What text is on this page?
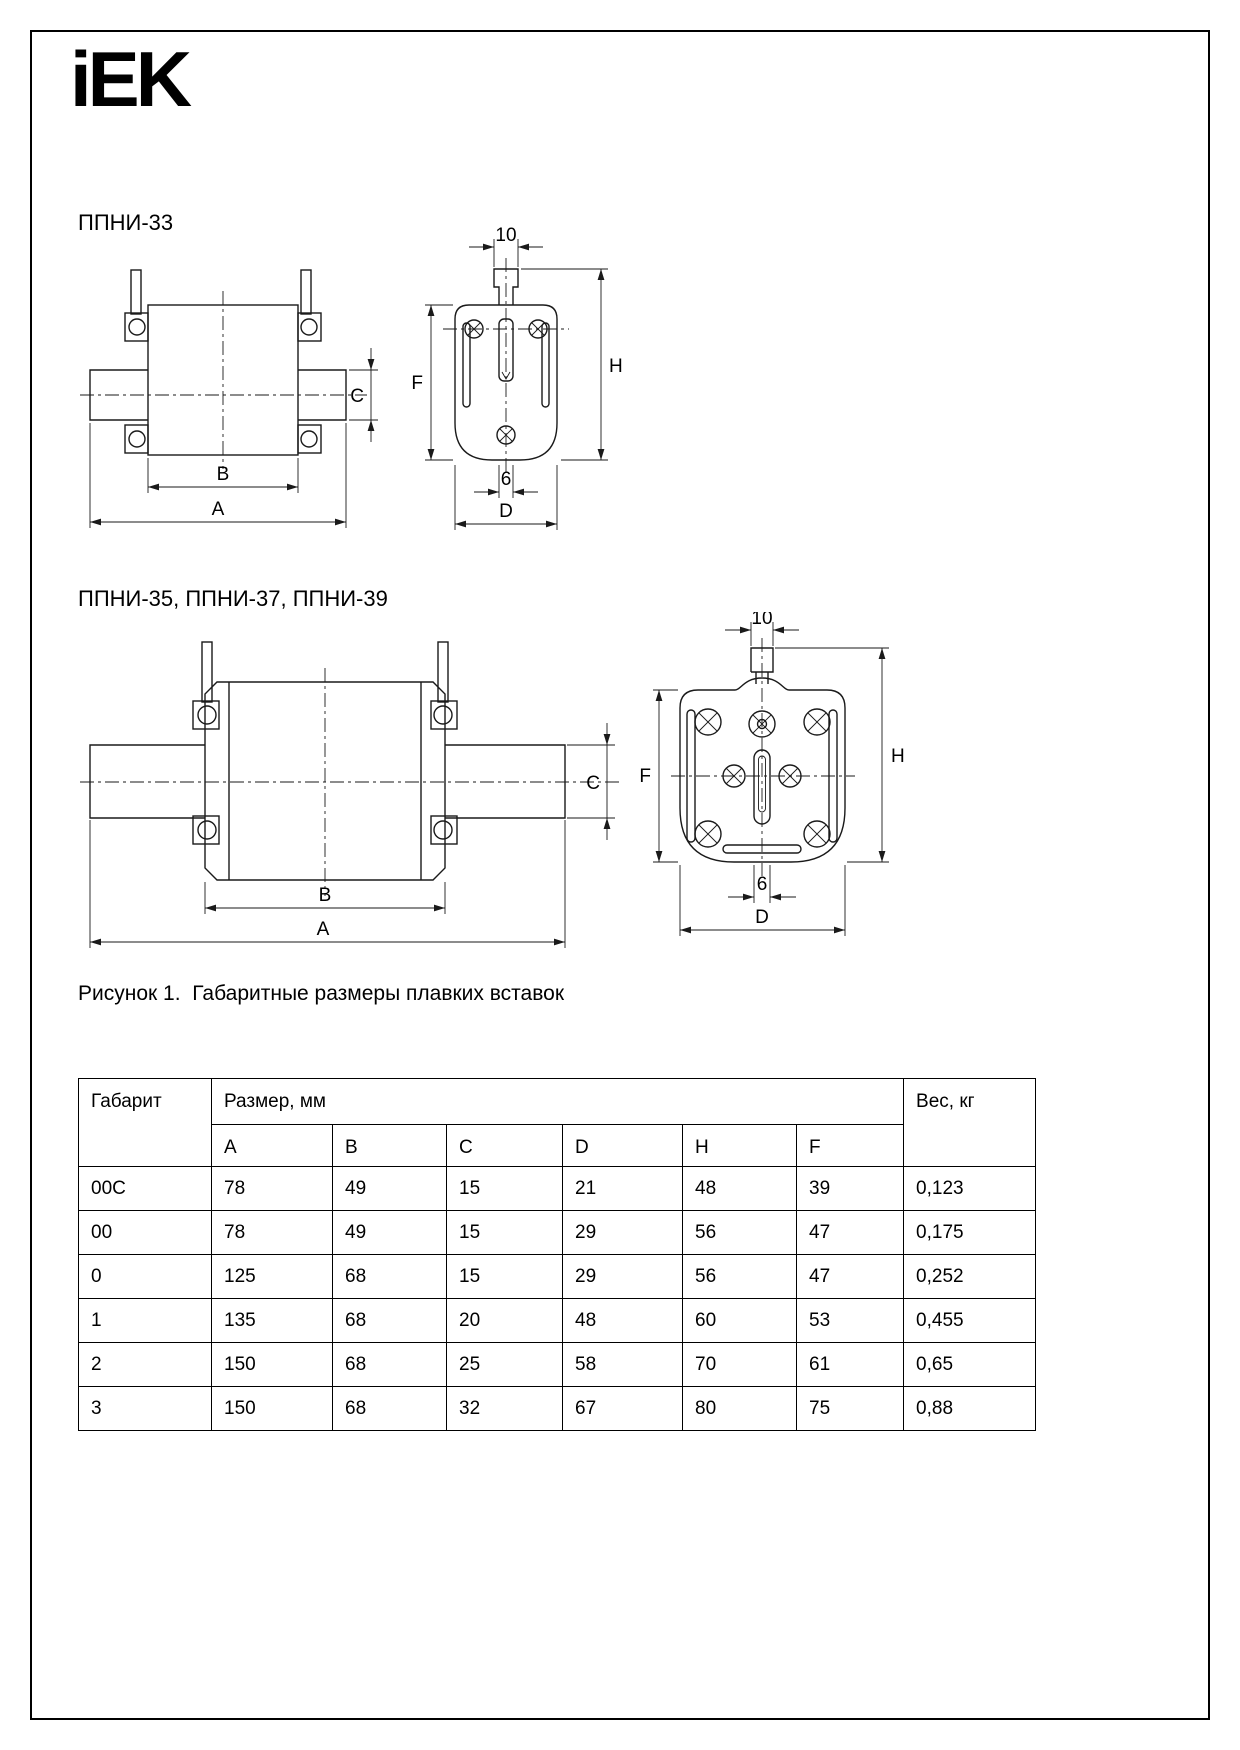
iEK
ППНИ-33
B
A
C
10
F
H
6
D
ППНИ-35, ППНИ-37, ППНИ-39
B
A
C
10
F
H
6
D
Рисунок 1.  Габаритные размеры плавких вставок
Габарит	Размер, мм						Вес, кг
	A	B	C	D	H	F	
00C	78	49	15	21	48	39	0,123
00	78	49	15	29	56	47	0,175
0	125	68	15	29	56	47	0,252
1	135	68	20	48	60	53	0,455
2	150	68	25	58	70	61	0,65
3	150	68	32	67	80	75	0,88
